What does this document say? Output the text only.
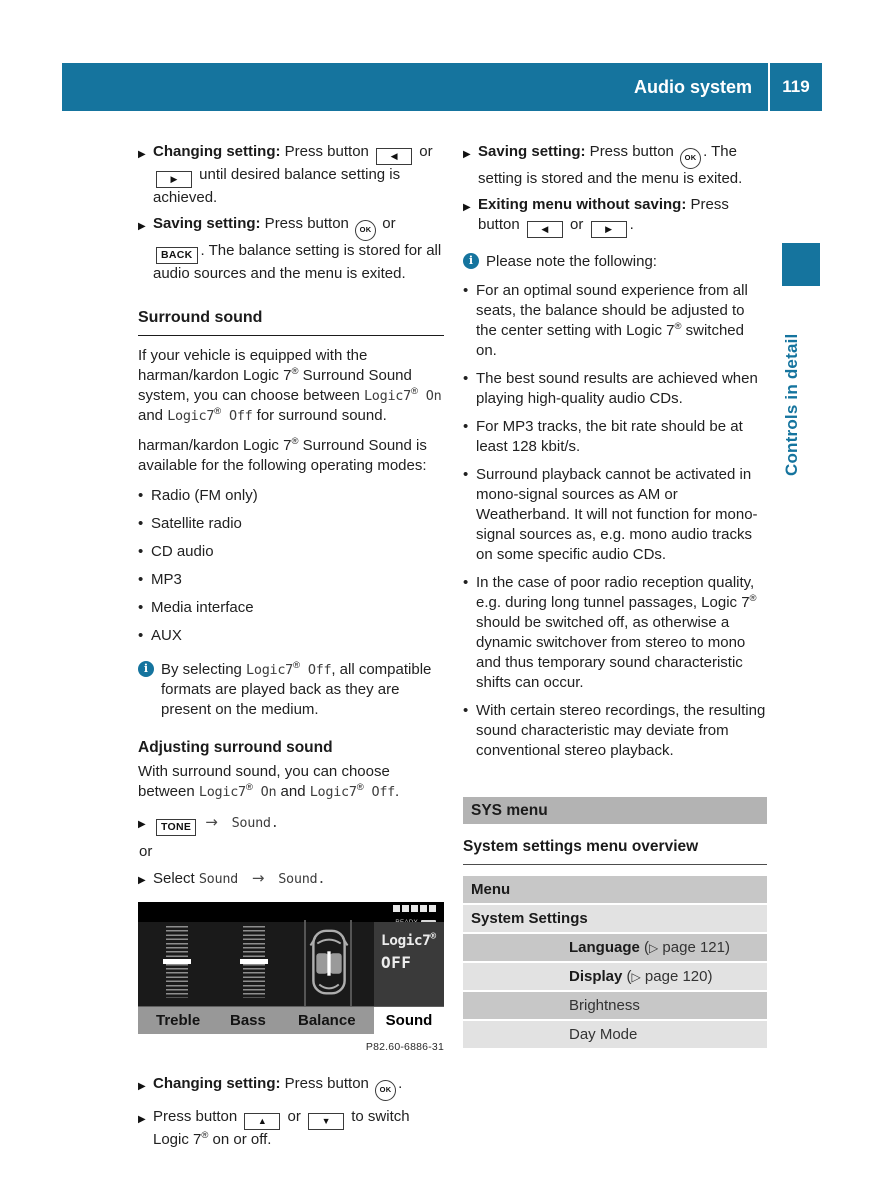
Audio system	119
Controls in detail
▶ Changing setting: Press button ◀ or ▶ until desired balance setting is achieved.
▶ Saving setting: Press button OK or BACK . The balance setting is stored for all audio sources and the menu is exited.
Surround sound

If your vehicle is equipped with the harman/kardon Logic 7® Surround Sound system, you can choose between Logic7® On and Logic7® Off for surround sound.

harman/kardon Logic 7® Surround Sound is available for the following operating modes:

• Radio (FM only)
• Satellite radio
• CD audio
• MP3
• Media interface
• AUX
i By selecting Logic7® Off, all compatible formats are played back as they are present on the medium.
Adjusting surround sound

With surround sound, you can choose between Logic7® On and Logic7® Off.

▶ TONE → Sound.

or

▶ Select Sound → Sound.
Logic7®
OFF
Treble Bass Balance	Sound
P82.60-6886-31
▶ Changing setting: Press button OK .
▶ Press button ▲ or ▼ to switch Logic 7® on or off.
▶ Saving setting: Press button OK . The setting is stored and the menu is exited.
▶ Exiting menu without saving: Press button ◀ or ▶ .
i Please note the following:
• For an optimal sound experience from all seats, the balance should be adjusted to the center setting with Logic 7® switched on.
• The best sound results are achieved when playing high-quality audio CDs.
• For MP3 tracks, the bit rate should be at least 128 kbit/s.
• Surround playback cannot be activated in mono-signal sources as AM or Weatherband. It will not function for mono-signal sources as, e.g. mono audio tracks on some specific audio CDs.
• In the case of poor radio reception quality, e.g. during long tunnel passages, Logic 7® should be switched off, as otherwise a dynamic switchover from stereo to mono and thus temporary sound characteristic shifts can occur.
• With certain stereo recordings, the resulting sound characteristic may deviate from conventional stereo playback.
SYS menu
System settings menu overview
Menu
System Settings
Language (▷ page 121)
Display (▷ page 120)
Brightness
Day Mode
